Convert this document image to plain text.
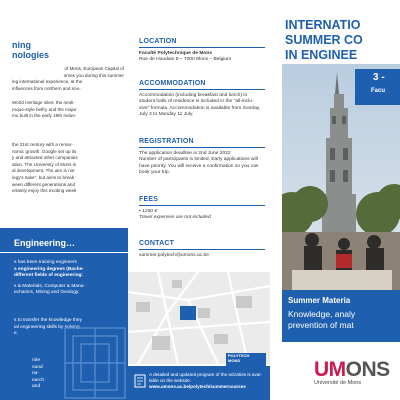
ning
nologies
of Mons, European Capital of
omes you during this summer
ing international experience, at the
influences from northern and sou-
World Heritage sites: the neoli-
roque-style belfry and the major
mu built in the early 19th Indus-
the 21st century with a remar-
nomic growth: Google set up its
y and attracted other companies
ation. The University of Mons is
al development. The aim is not
logy's sake", but aims to break
ween different generations and
ertainly enjoy this exciting week
Engineering…
s has been training engineers
s engineering degrees (Bache-
different fields of engineering:
s & Materials, Computer & Mana-
echanics, Mining and Geology.
s to transfer the knowledge they
ial engineering skills by solving
e.
role
ound
na-
earch
and
LOCATION
Faculté Polytechnique de Mons
Rue de Houdain 9 – 7000 Mons – Belgium
ACCOMMODATION
Accommodation (including breakfast and lunch) in
student halls of residence is included in the "all-inclu-
sive" formula. Accommodation is available from Sunday,
July 3 to Monday 11 July.
REGISTRATION
The application deadline is 2nd June 2022
Number of participants is limited. Early applications will
have priority. You will receive a confirmation so you can
book your trip.
FEES
• 1250 €
Travel expenses are not included
CONTACT
summer.polytech@umons.ac.be
POLYTECH
MONS
A detailed and updated program of the activities is avai-
lable on the website: www.umons.ac.be/polytech/summercourses
INTERNATIO
SUMMER CO
IN ENGINEE
3 -
Facu
Summer Materia
Knowledge, analy
prevention of mat
UMONS
Université de Mons
